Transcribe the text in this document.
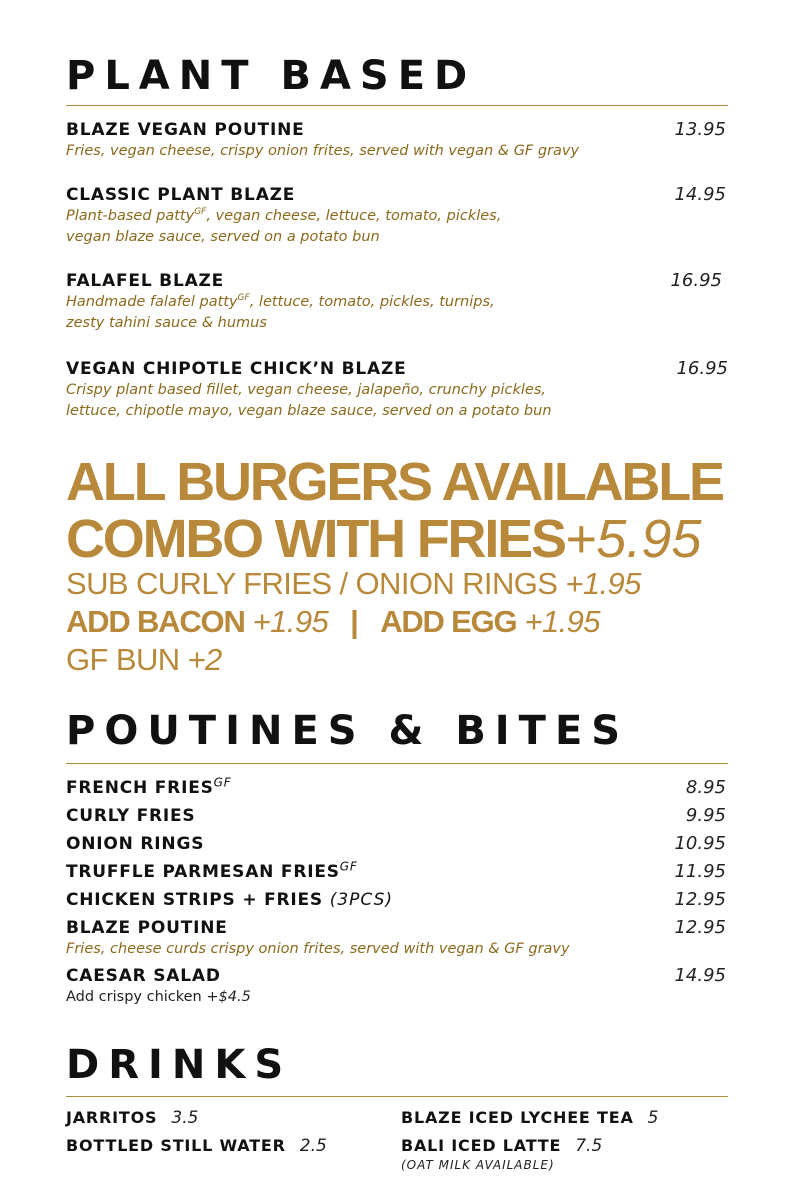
PLANT BASED
BLAZE VEGAN POUTINE	13.95
Fries, vegan cheese, crispy onion frites, served with vegan & GF gravy
CLASSIC PLANT BLAZE	14.95
Plant-based patty$^{GF}$, vegan cheese, lettuce, tomato, pickles,
vegan blaze sauce, served on a potato bun
FALAFEL BLAZE	16.95
Handmade falafel patty$^{GF}$, lettuce, tomato, pickles, turnips,
zesty tahini sauce & humus
VEGAN CHIPOTLE CHICK’N BLAZE	16.95
Crispy plant based fillet, vegan cheese, jalapeño, crunchy pickles,
lettuce, chipotle mayo, vegan blaze sauce, served on a potato bun
ALL BURGERS AVAILABLE
COMBO WITH FRIES+5.95
SUB CURLY FRIES / ONION RINGS +1.95
ADD BACON +1.95 | ADD EGG +1.95
GF BUN +2
POUTINES & BITES
FRENCH $FRIES^{GF}$	8.95
CURLY FRIES	9.95
ONION RINGS	10.95
TRUFFLE PARMESAN $FRIES^{GF}$	11.95
CHICKEN STRIPS + FRIES (3PCS)	12.95
BLAZE POUTINE	12.95
Fries, cheese curds crispy onion frites, served with vegan & GF gravy
CAESAR SALAD	14.95
Add crispy chicken +$4.5
DRINKS
JARRITOS 3.5
BOTTLED STILL WATER 2.5
BLAZE ICED LYCHEE TEA 5
BALI ICED LATTE 7.5
(OAT MILK AVAILABLE)
